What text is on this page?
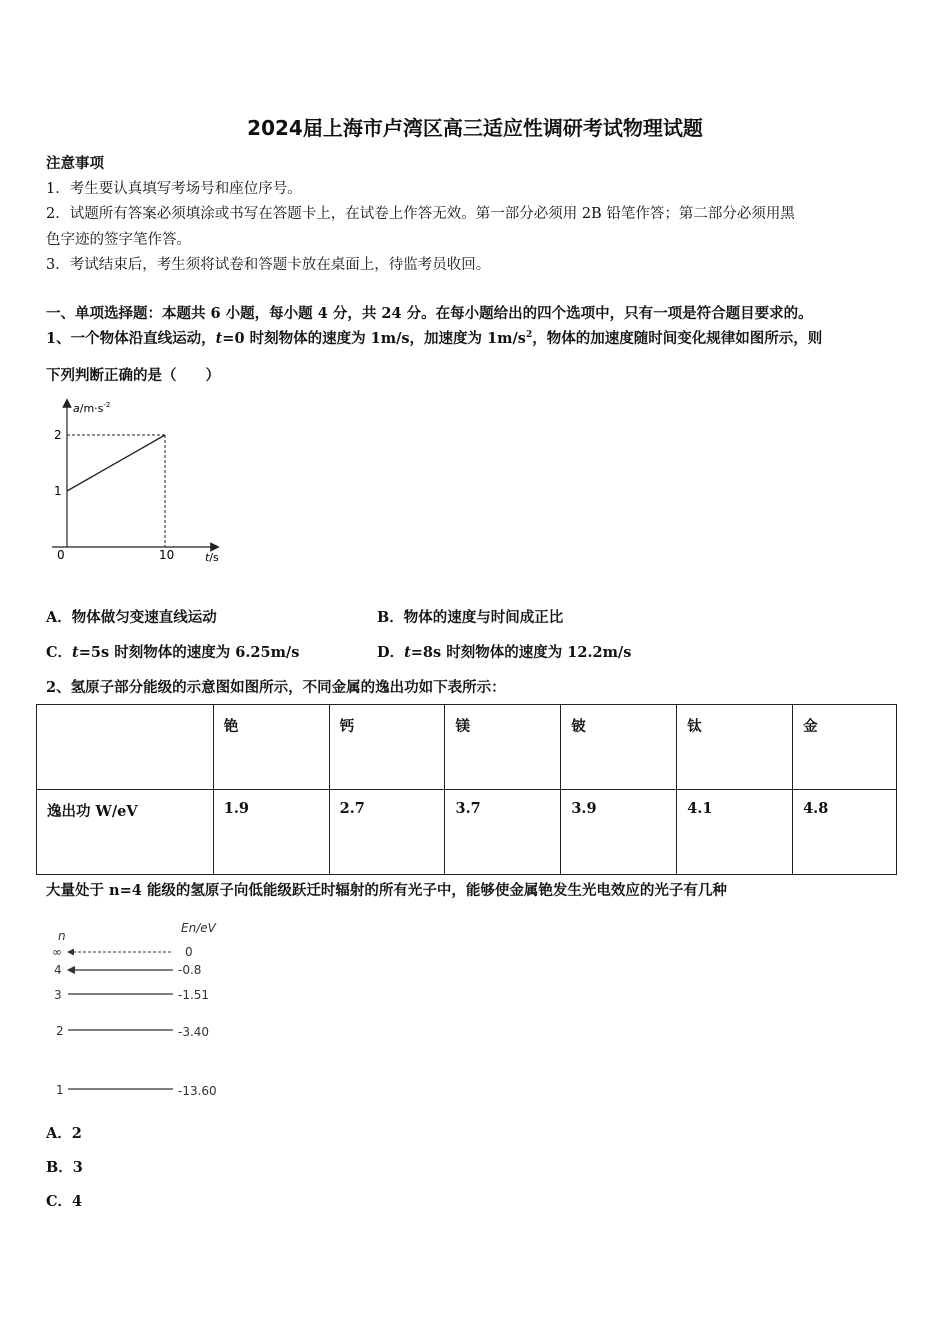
2024届上海市卢湾区高三适应性调研考试物理试题
注意事项
1．考生要认真填写考场号和座位序号。
2．试题所有答案必须填涂或书写在答题卡上，在试卷上作答无效。第一部分必须用 2B 铅笔作答；第二部分必须用黑
色字迹的签字笔作答。
3．考试结束后，考生须将试卷和答题卡放在桌面上，待监考员收回。
一、单项选择题：本题共 6 小题，每小题 4 分，共 24 分。在每小题给出的四个选项中，只有一项是符合题目要求的。
1、一个物体沿直线运动，t=0 时刻物体的速度为 1m/s，加速度为 $1m/s^2$，物体的加速度随时间变化规律如图所示，则
下列判断正确的是（　　）
$a/m\cdot s^{-2}$
t/s
2
1
0	10
A．物体做匀变速直线运动	B．物体的速度与时间成正比
C．t=5s 时刻物体的速度为 6.25m/s	D．t=8s 时刻物体的速度为 12.2m/s
2、氢原子部分能级的示意图如图所示，不同金属的逸出功如下表所示：
	铯	钙	镁	铍	钛	金
逸出功 W/eV	1.9	2.7	3.7	3.9	4.1	4.8
大量处于 n=4 能级的氢原子向低能级跃迁时辐射的所有光子中，能够使金属铯发生光电效应的光子有几种
n
En/eV
∞	0
4	-0.8
3	-1.51
2	-3.40
1	-13.60
A．2
B．3
C．4
